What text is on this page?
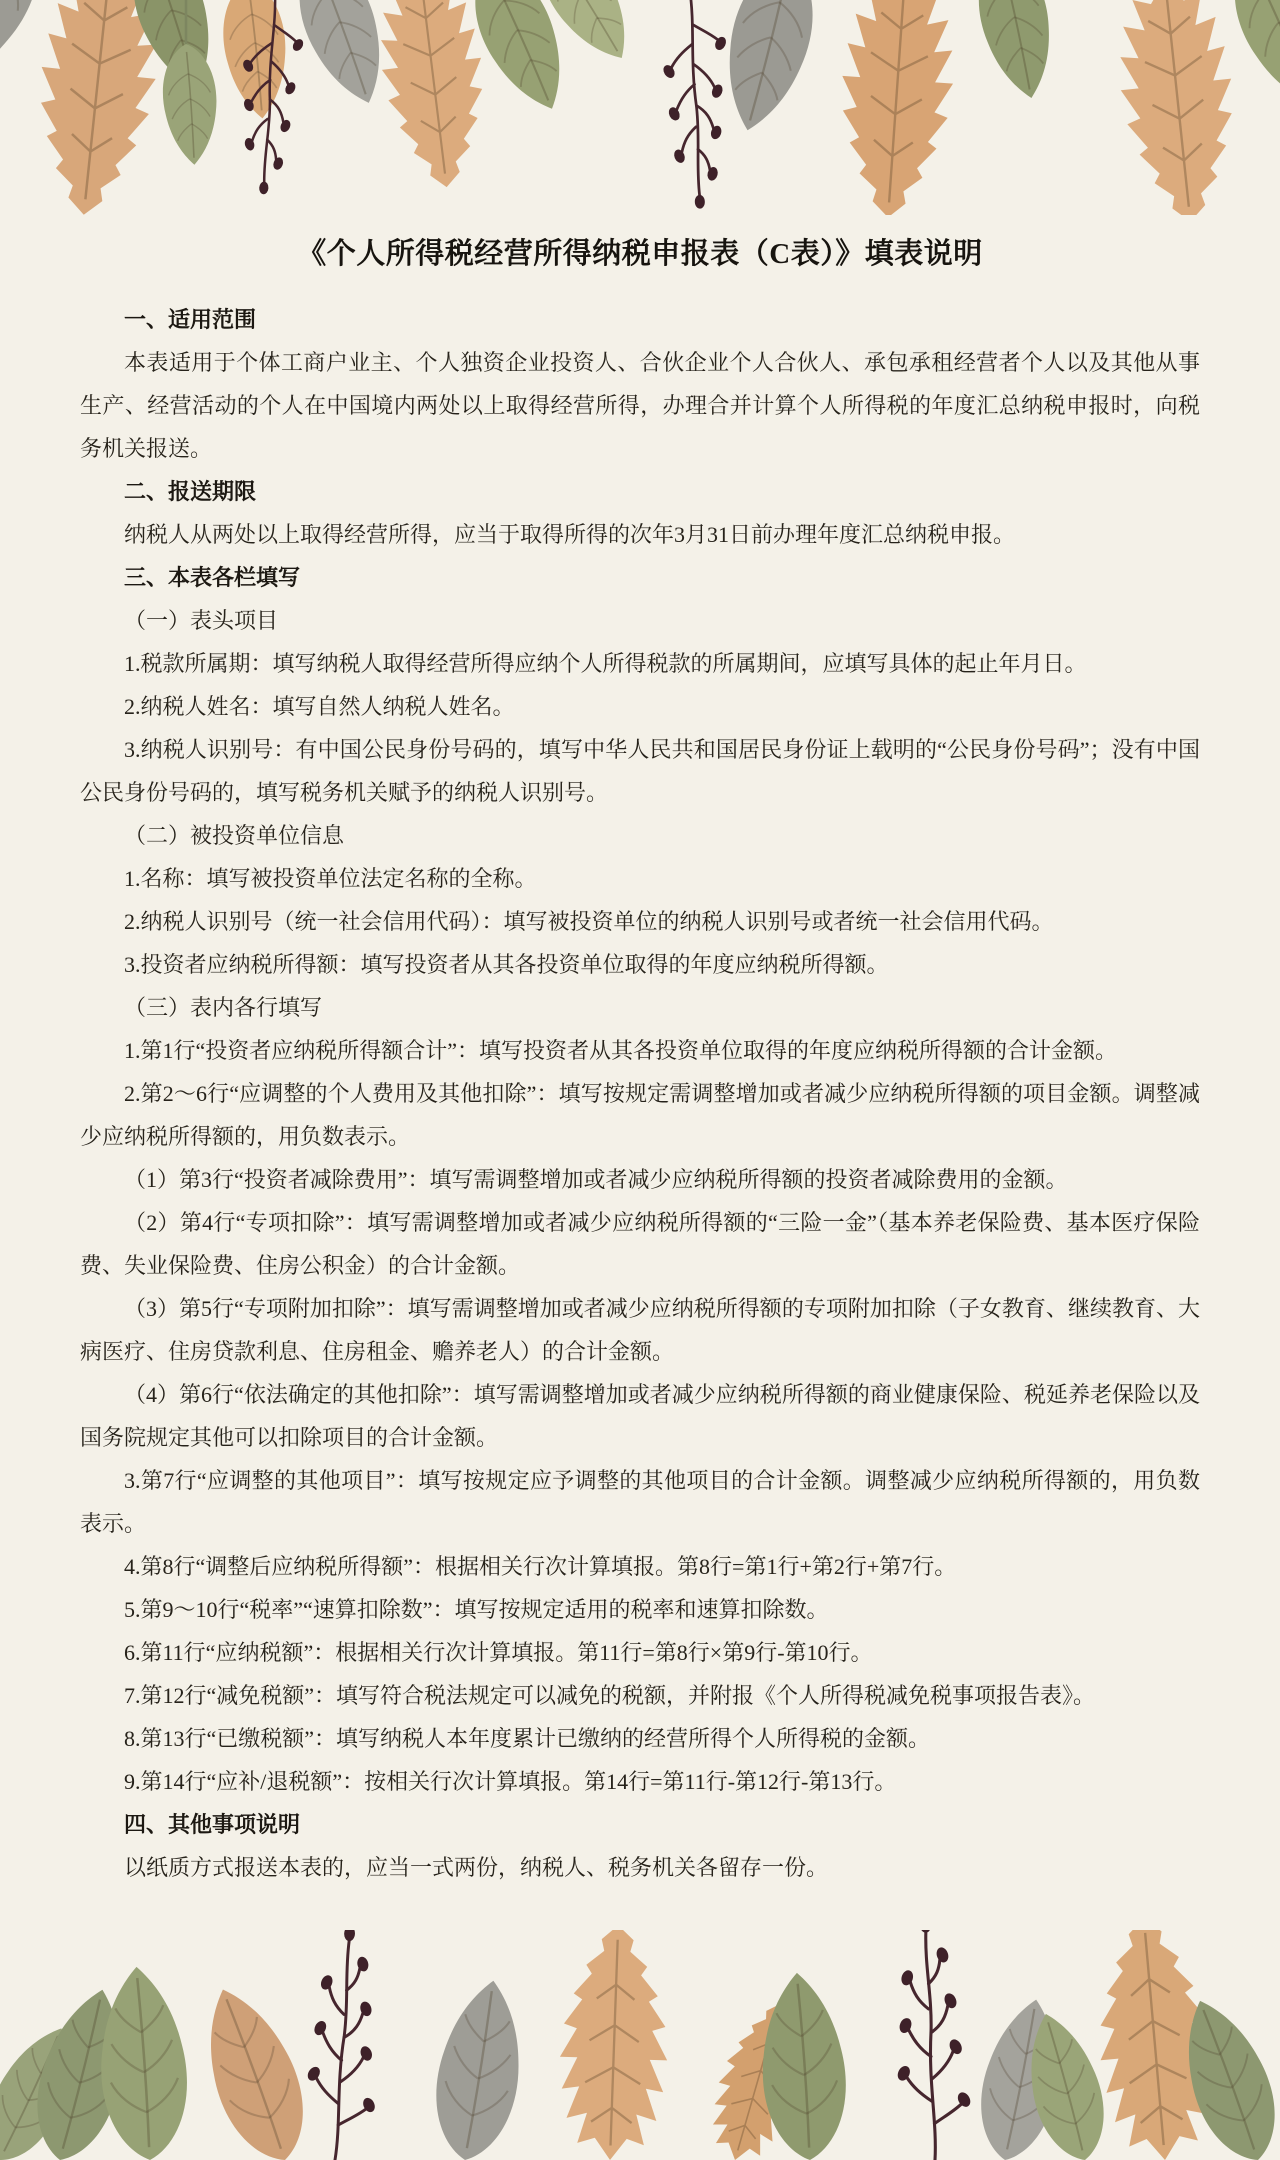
《个人所得税经营所得纳税申报表（C表）》填表说明

一、适用范围

本表适用于个体工商户业主、个人独资企业投资人、合伙企业个人合伙人、承包承租经营者个人以及其他从事生产、经营活动的个人在中国境内两处以上取得经营所得，办理合并计算个人所得税的年度汇总纳税申报时，向税务机关报送。

二、报送期限

纳税人从两处以上取得经营所得，应当于取得所得的次年3月31日前办理年度汇总纳税申报。

三、本表各栏填写

（一）表头项目

1.税款所属期：填写纳税人取得经营所得应纳个人所得税款的所属期间，应填写具体的起止年月日。

2.纳税人姓名：填写自然人纳税人姓名。

3.纳税人识别号：有中国公民身份号码的，填写中华人民共和国居民身份证上载明的“公民身份号码”；没有中国公民身份号码的，填写税务机关赋予的纳税人识别号。

（二）被投资单位信息

1.名称：填写被投资单位法定名称的全称。

2.纳税人识别号（统一社会信用代码）：填写被投资单位的纳税人识别号或者统一社会信用代码。

3.投资者应纳税所得额：填写投资者从其各投资单位取得的年度应纳税所得额。

（三）表内各行填写

1.第1行“投资者应纳税所得额合计”：填写投资者从其各投资单位取得的年度应纳税所得额的合计金额。

2.第2～6行“应调整的个人费用及其他扣除”：填写按规定需调整增加或者减少应纳税所得额的项目金额。调整减少应纳税所得额的，用负数表示。

（1）第3行“投资者减除费用”：填写需调整增加或者减少应纳税所得额的投资者减除费用的金额。

（2）第4行“专项扣除”：填写需调整增加或者减少应纳税所得额的“三险一金”（基本养老保险费、基本医疗保险费、失业保险费、住房公积金）的合计金额。

（3）第5行“专项附加扣除”：填写需调整增加或者减少应纳税所得额的专项附加扣除（子女教育、继续教育、大病医疗、住房贷款利息、住房租金、赡养老人）的合计金额。

（4）第6行“依法确定的其他扣除”：填写需调整增加或者减少应纳税所得额的商业健康保险、税延养老保险以及国务院规定其他可以扣除项目的合计金额。

3.第7行“应调整的其他项目”：填写按规定应予调整的其他项目的合计金额。调整减少应纳税所得额的，用负数表示。

4.第8行“调整后应纳税所得额”：根据相关行次计算填报。第8行=第1行+第2行+第7行。

5.第9～10行“税率”“速算扣除数”：填写按规定适用的税率和速算扣除数。

6.第11行“应纳税额”：根据相关行次计算填报。第11行=第8行×第9行-第10行。

7.第12行“减免税额”：填写符合税法规定可以减免的税额，并附报《个人所得税减免税事项报告表》。

8.第13行“已缴税额”：填写纳税人本年度累计已缴纳的经营所得个人所得税的金额。

9.第14行“应补/退税额”：按相关行次计算填报。第14行=第11行-第12行-第13行。

四、其他事项说明

以纸质方式报送本表的，应当一式两份，纳税人、税务机关各留存一份。
